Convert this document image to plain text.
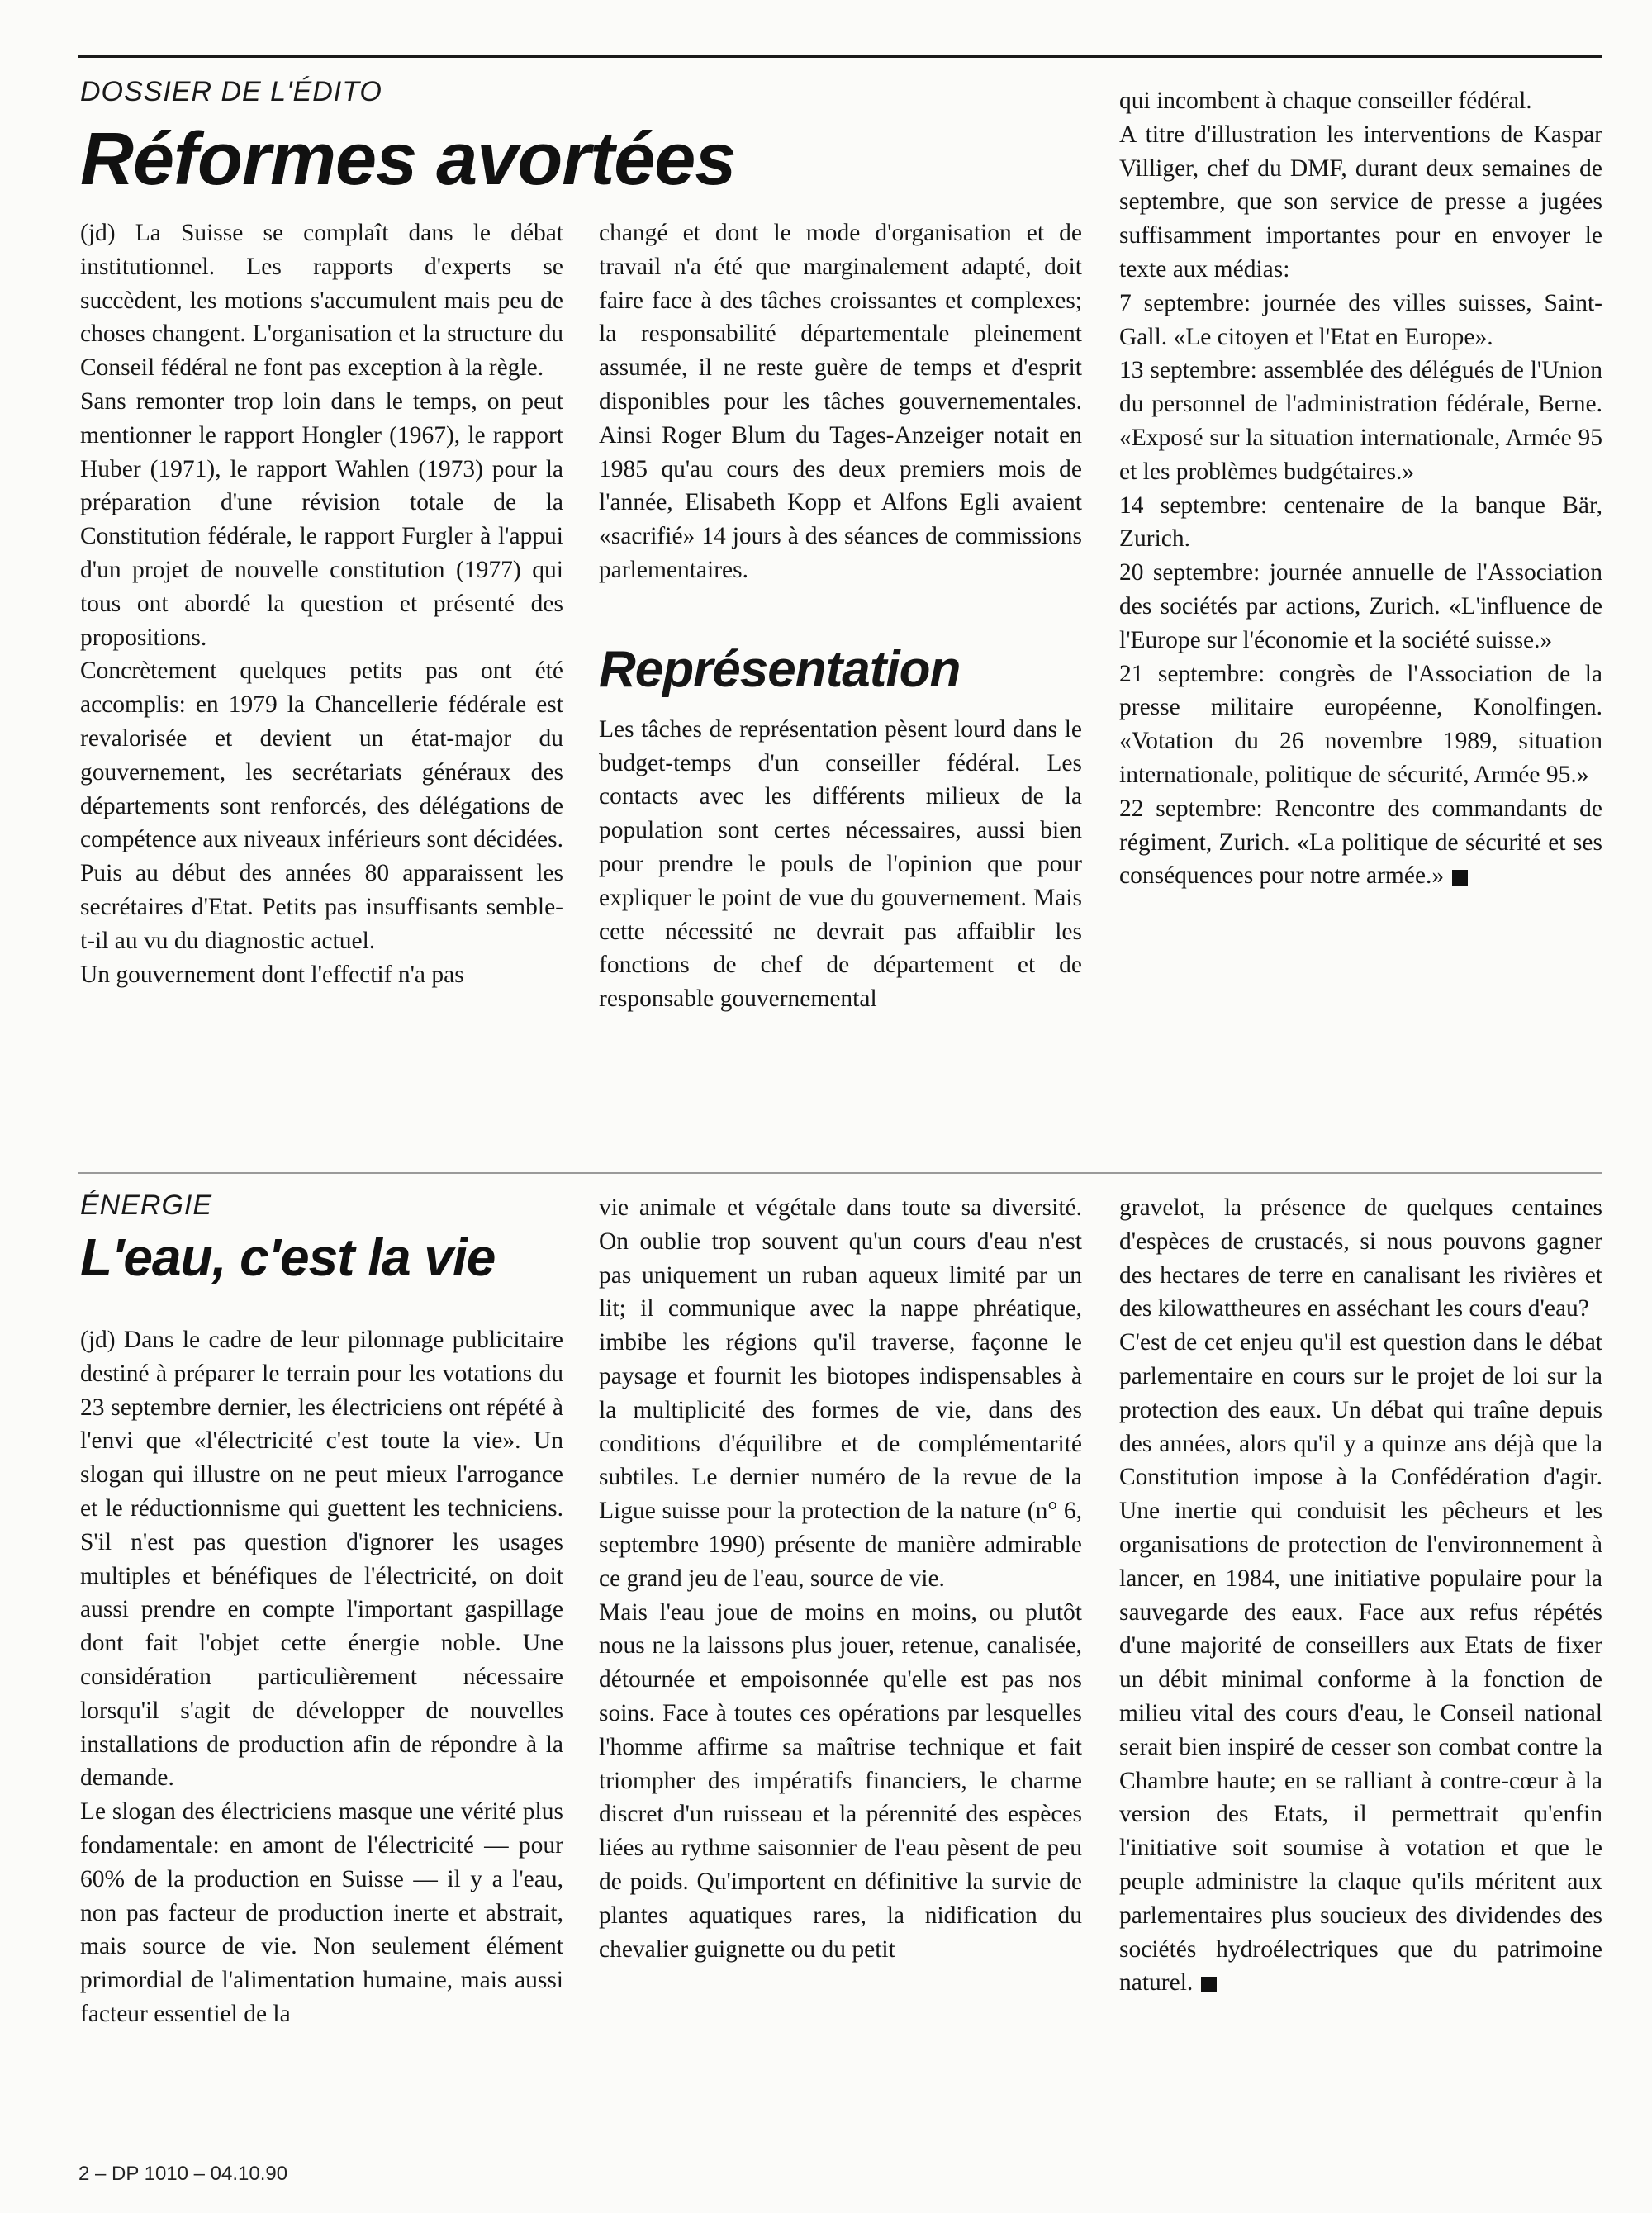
DOSSIER DE L'ÉDITO
Réformes avortées

(jd) La Suisse se complaît dans le débat institutionnel. Les rapports d'experts se succèdent, les motions s'accumulent mais peu de choses changent. L'organisation et la structure du Conseil fédéral ne font pas exception à la règle.

Sans remonter trop loin dans le temps, on peut mentionner le rapport Hongler (1967), le rapport Huber (1971), le rapport Wahlen (1973) pour la préparation d'une révision totale de la Constitution fédérale, le rapport Furgler à l'appui d'un projet de nouvelle constitution (1977) qui tous ont abordé la question et présenté des propositions.

Concrètement quelques petits pas ont été accomplis: en 1979 la Chancellerie fédérale est revalorisée et devient un état-major du gouvernement, les secrétariats généraux des départements sont renforcés, des délégations de compétence aux niveaux inférieurs sont décidées. Puis au début des années 80 apparaissent les secrétaires d'Etat. Petits pas insuffisants semble-t-il au vu du diagnostic actuel.

Un gouvernement dont l'effectif n'a pas

changé et dont le mode d'organisation et de travail n'a été que marginalement adapté, doit faire face à des tâches croissantes et complexes; la responsabilité départementale pleinement assumée, il ne reste guère de temps et d'esprit disponibles pour les tâches gouvernementales. Ainsi Roger Blum du Tages-Anzeiger notait en 1985 qu'au cours des deux premiers mois de l'année, Elisabeth Kopp et Alfons Egli avaient «sacrifié» 14 jours à des séances de commissions parlementaires.

Représentation

Les tâches de représentation pèsent lourd dans le budget-temps d'un conseiller fédéral. Les contacts avec les différents milieux de la population sont certes nécessaires, aussi bien pour prendre le pouls de l'opinion que pour expliquer le point de vue du gouvernement. Mais cette nécessité ne devrait pas affaiblir les fonctions de chef de département et de responsable gouvernemental

qui incombent à chaque conseiller fédéral.

A titre d'illustration les interventions de Kaspar Villiger, chef du DMF, durant deux semaines de septembre, que son service de presse a jugées suffisamment importantes pour en envoyer le texte aux médias:

7 septembre: journée des villes suisses, Saint-Gall. «Le citoyen et l'Etat en Europe».

13 septembre: assemblée des délégués de l'Union du personnel de l'administration fédérale, Berne. «Exposé sur la situation internationale, Armée 95 et les problèmes budgétaires.»

14 septembre: centenaire de la banque Bär, Zurich.

20 septembre: journée annuelle de l'Association des sociétés par actions, Zurich. «L'influence de l'Europe sur l'économie et la société suisse.»

21 septembre: congrès de l'Association de la presse militaire européenne, Konolfingen. «Votation du 26 novembre 1989, situation internationale, politique de sécurité, Armée 95.»

22 septembre: Rencontre des commandants de régiment, Zurich. «La politique de sécurité et ses conséquences pour notre armée.»

ÉNERGIE
L'eau, c'est la vie

(jd) Dans le cadre de leur pilonnage publicitaire destiné à préparer le terrain pour les votations du 23 septembre dernier, les électriciens ont répété à l'envi que «l'électricité c'est toute la vie». Un slogan qui illustre on ne peut mieux l'arrogance et le réductionnisme qui guettent les techniciens. S'il n'est pas question d'ignorer les usages multiples et bénéfiques de l'électricité, on doit aussi prendre en compte l'important gaspillage dont fait l'objet cette énergie noble. Une considération particulièrement nécessaire lorsqu'il s'agit de développer de nouvelles installations de production afin de répondre à la demande.

Le slogan des électriciens masque une vérité plus fondamentale: en amont de l'électricité — pour 60% de la production en Suisse — il y a l'eau, non pas facteur de production inerte et abstrait, mais source de vie. Non seulement élément primordial de l'alimentation humaine, mais aussi facteur essentiel de la

vie animale et végétale dans toute sa diversité. On oublie trop souvent qu'un cours d'eau n'est pas uniquement un ruban aqueux limité par un lit; il communique avec la nappe phréatique, imbibe les régions qu'il traverse, façonne le paysage et fournit les biotopes indispensables à la multiplicité des formes de vie, dans des conditions d'équilibre et de complémentarité subtiles. Le dernier numéro de la revue de la Ligue suisse pour la protection de la nature (n° 6, septembre 1990) présente de manière admirable ce grand jeu de l'eau, source de vie.

Mais l'eau joue de moins en moins, ou plutôt nous ne la laissons plus jouer, retenue, canalisée, détournée et empoisonnée qu'elle est pas nos soins. Face à toutes ces opérations par lesquelles l'homme affirme sa maîtrise technique et fait triompher des impératifs financiers, le charme discret d'un ruisseau et la pérennité des espèces liées au rythme saisonnier de l'eau pèsent de peu de poids. Qu'importent en définitive la survie de plantes aquatiques rares, la nidification du chevalier guignette ou du petit

gravelot, la présence de quelques centaines d'espèces de crustacés, si nous pouvons gagner des hectares de terre en canalisant les rivières et des kilowattheures en asséchant les cours d'eau?

C'est de cet enjeu qu'il est question dans le débat parlementaire en cours sur le projet de loi sur la protection des eaux. Un débat qui traîne depuis des années, alors qu'il y a quinze ans déjà que la Constitution impose à la Confédération d'agir. Une inertie qui conduisit les pêcheurs et les organisations de protection de l'environnement à lancer, en 1984, une initiative populaire pour la sauvegarde des eaux. Face aux refus répétés d'une majorité de conseillers aux Etats de fixer un débit minimal conforme à la fonction de milieu vital des cours d'eau, le Conseil national serait bien inspiré de cesser son combat contre la Chambre haute; en se ralliant à contre-cœur à la version des Etats, il permettrait qu'enfin l'initiative soit soumise à votation et que le peuple administre la claque qu'ils méritent aux parlementaires plus soucieux des dividendes des sociétés hydroélectriques que du patrimoine naturel.

2 – DP 1010 – 04.10.90
